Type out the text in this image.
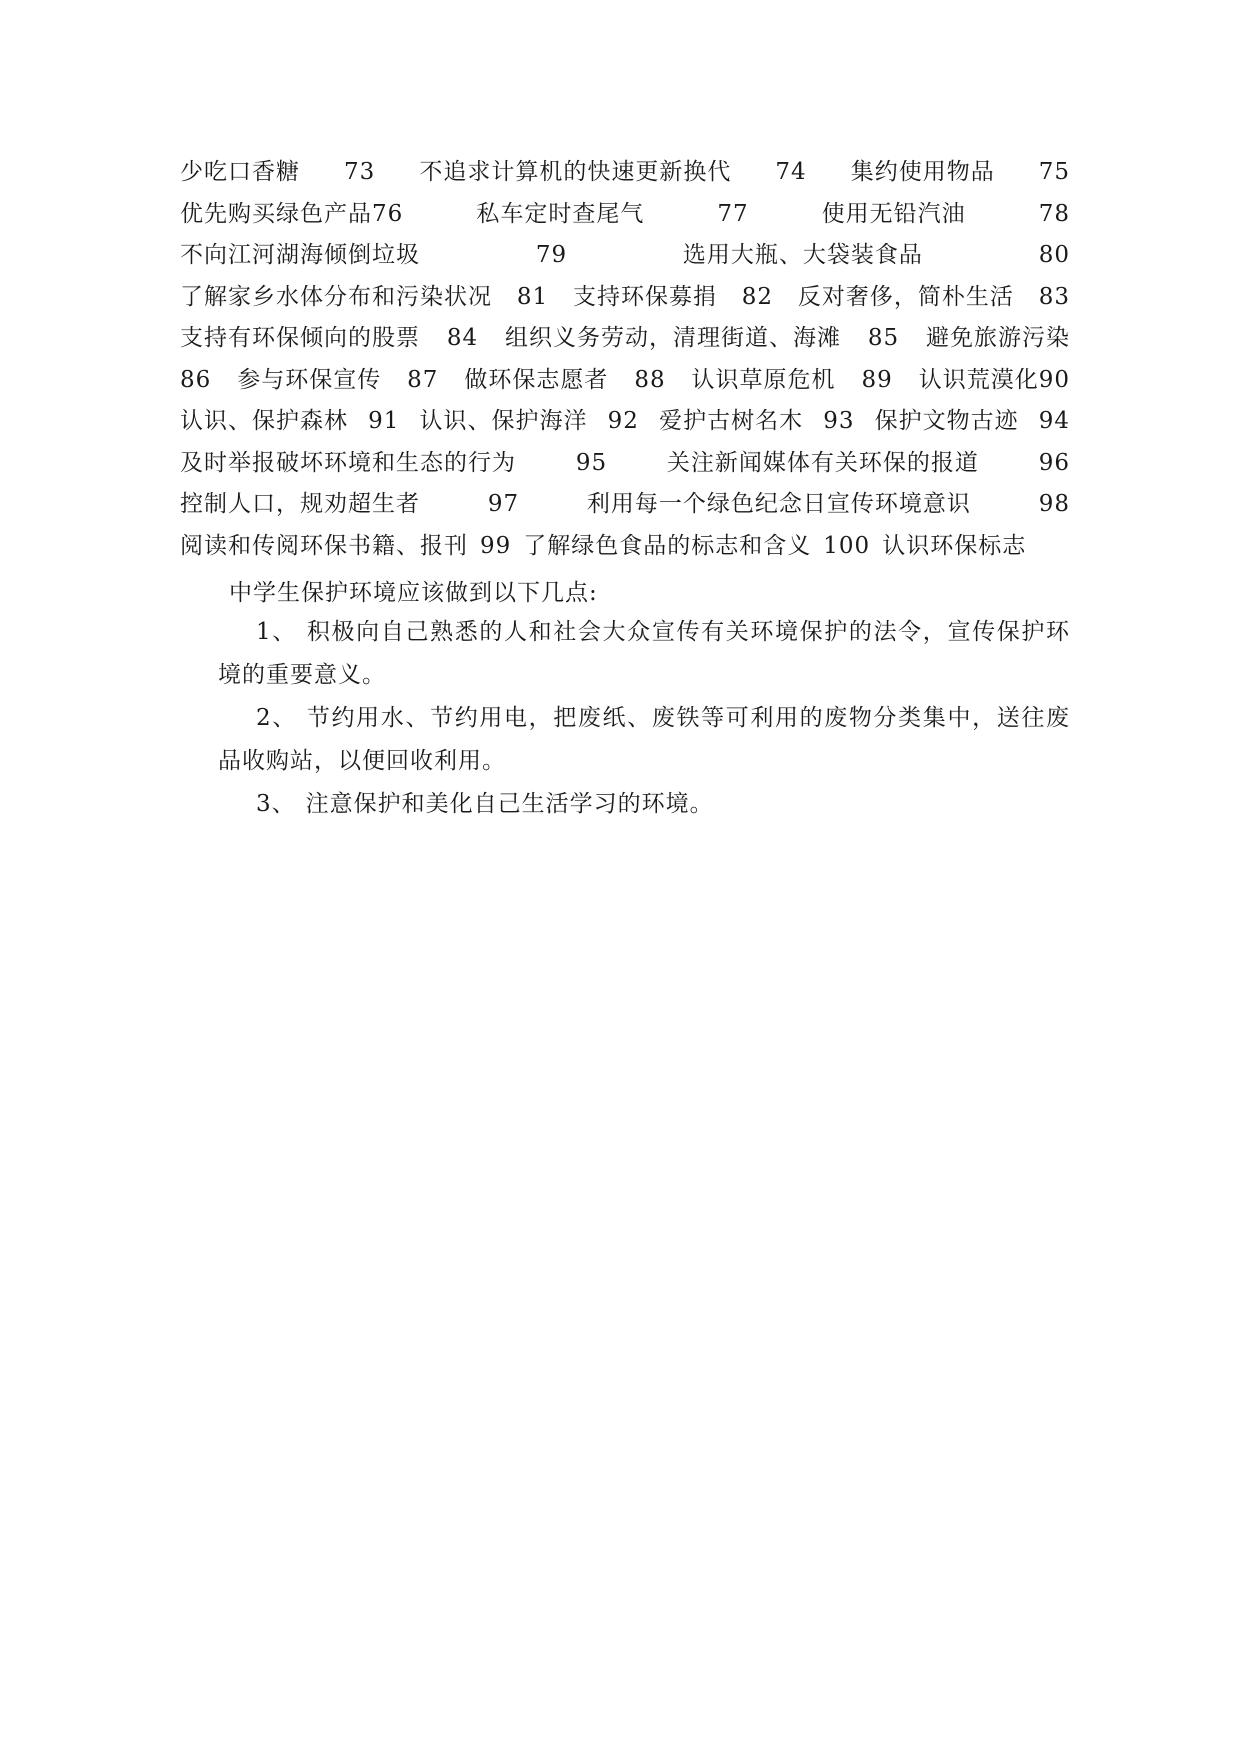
少吃口香糖 73 不追求计算机的快速更新换代 74 集约使用物品 75
优先购买绿色产品76	私车定时查尾气	77	使用无铅汽油	78
不向江河湖海倾倒垃圾	79	选用大瓶、大袋装食品	80
了解家乡水体分布和污染状况 81 支持环保募捐 82 反对奢侈，简朴生活 83
支持有环保倾向的股票 84 组织义务劳动，清理街道、海滩 85 避免旅游污染
86 参与环保宣传 87 做环保志愿者 88 认识草原危机 89 认识荒漠化90
认识、保护森林 91 认识、保护海洋 92 爱护古树名木 93 保护文物古迹 94
及时举报破坏环境和生态的行为	95	关注新闻媒体有关环保的报道	96
控制人口，规劝超生者	97	利用每一个绿色纪念日宣传环境意识	98
阅读和传阅环保书籍、报刊 99 了解绿色食品的标志和含义 100 认识环保标志
中学生保护环境应该做到以下几点:

1、 积极向自己熟悉的人和社会大众宣传有关环境保护的法令，宣传保护环境的重要意义。

2、 节约用水、节约用电，把废纸、废铁等可利用的废物分类集中，送往废品收购站，以便回收利用。

3、 注意保护和美化自己生活学习的环境。
